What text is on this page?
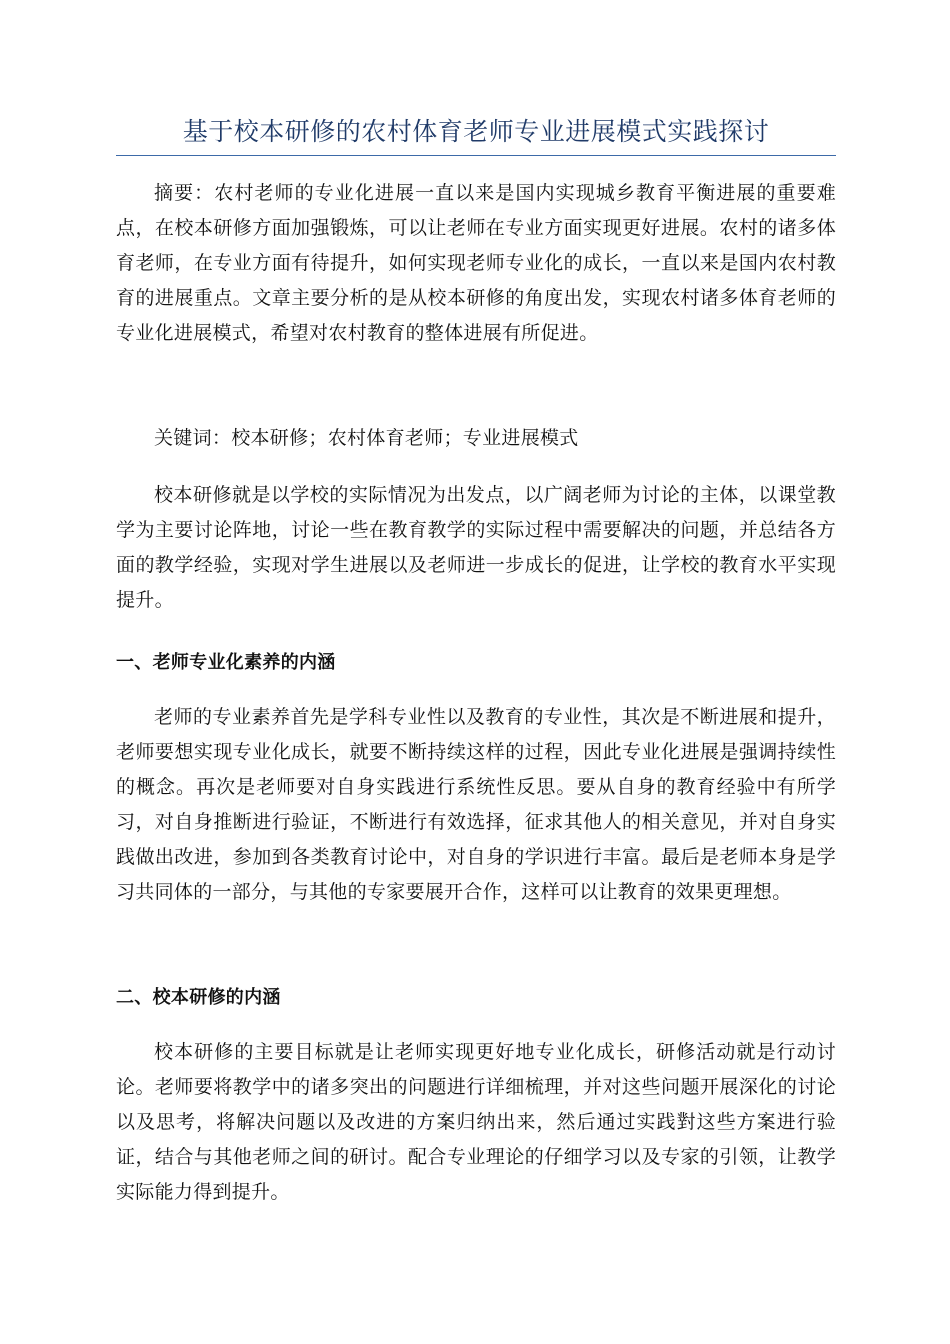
基于校本研修的农村体育老师专业进展模式实践探讨

摘要：农村老师的专业化进展一直以来是国内实现城乡教育平衡进展的重要难点，在校本研修方面加强锻炼，可以让老师在专业方面实现更好进展。农村的诸多体育老师，在专业方面有待提升，如何实现老师专业化的成长，一直以来是国内农村教育的进展重点。文章主要分析的是从校本研修的角度出发，实现农村诸多体育老师的专业化进展模式，希望对农村教育的整体进展有所促进。

关键词：校本研修；农村体育老师；专业进展模式

校本研修就是以学校的实际情况为出发点，以广阔老师为讨论的主体，以课堂教学为主要讨论阵地，讨论一些在教育教学的实际过程中需要解决的问题，并总结各方面的教学经验，实现对学生进展以及老师进一步成长的促进，让学校的教育水平实现提升。

一、老师专业化素养的内涵

老师的专业素养首先是学科专业性以及教育的专业性，其次是不断进展和提升，老师要想实现专业化成长，就要不断持续这样的过程，因此专业化进展是强调持续性的概念。再次是老师要对自身实践进行系统性反思。要从自身的教育经验中有所学习，对自身推断进行验证，不断进行有效选择，征求其他人的相关意见，并对自身实践做出改进，参加到各类教育讨论中，对自身的学识进行丰富。最后是老师本身是学习共同体的一部分，与其他的专家要展开合作，这样可以让教育的效果更理想。

二、校本研修的内涵

校本研修的主要目标就是让老师实现更好地专业化成长，研修活动就是行动讨论。老师要将教学中的诸多突出的问题进行详细梳理，并对这些问题开展深化的讨论以及思考，将解决问题以及改进的方案归纳出来，然后通过实践對这些方案进行验证，结合与其他老师之间的研讨。配合专业理论的仔细学习以及专家的引领，让教学实际能力得到提升。
